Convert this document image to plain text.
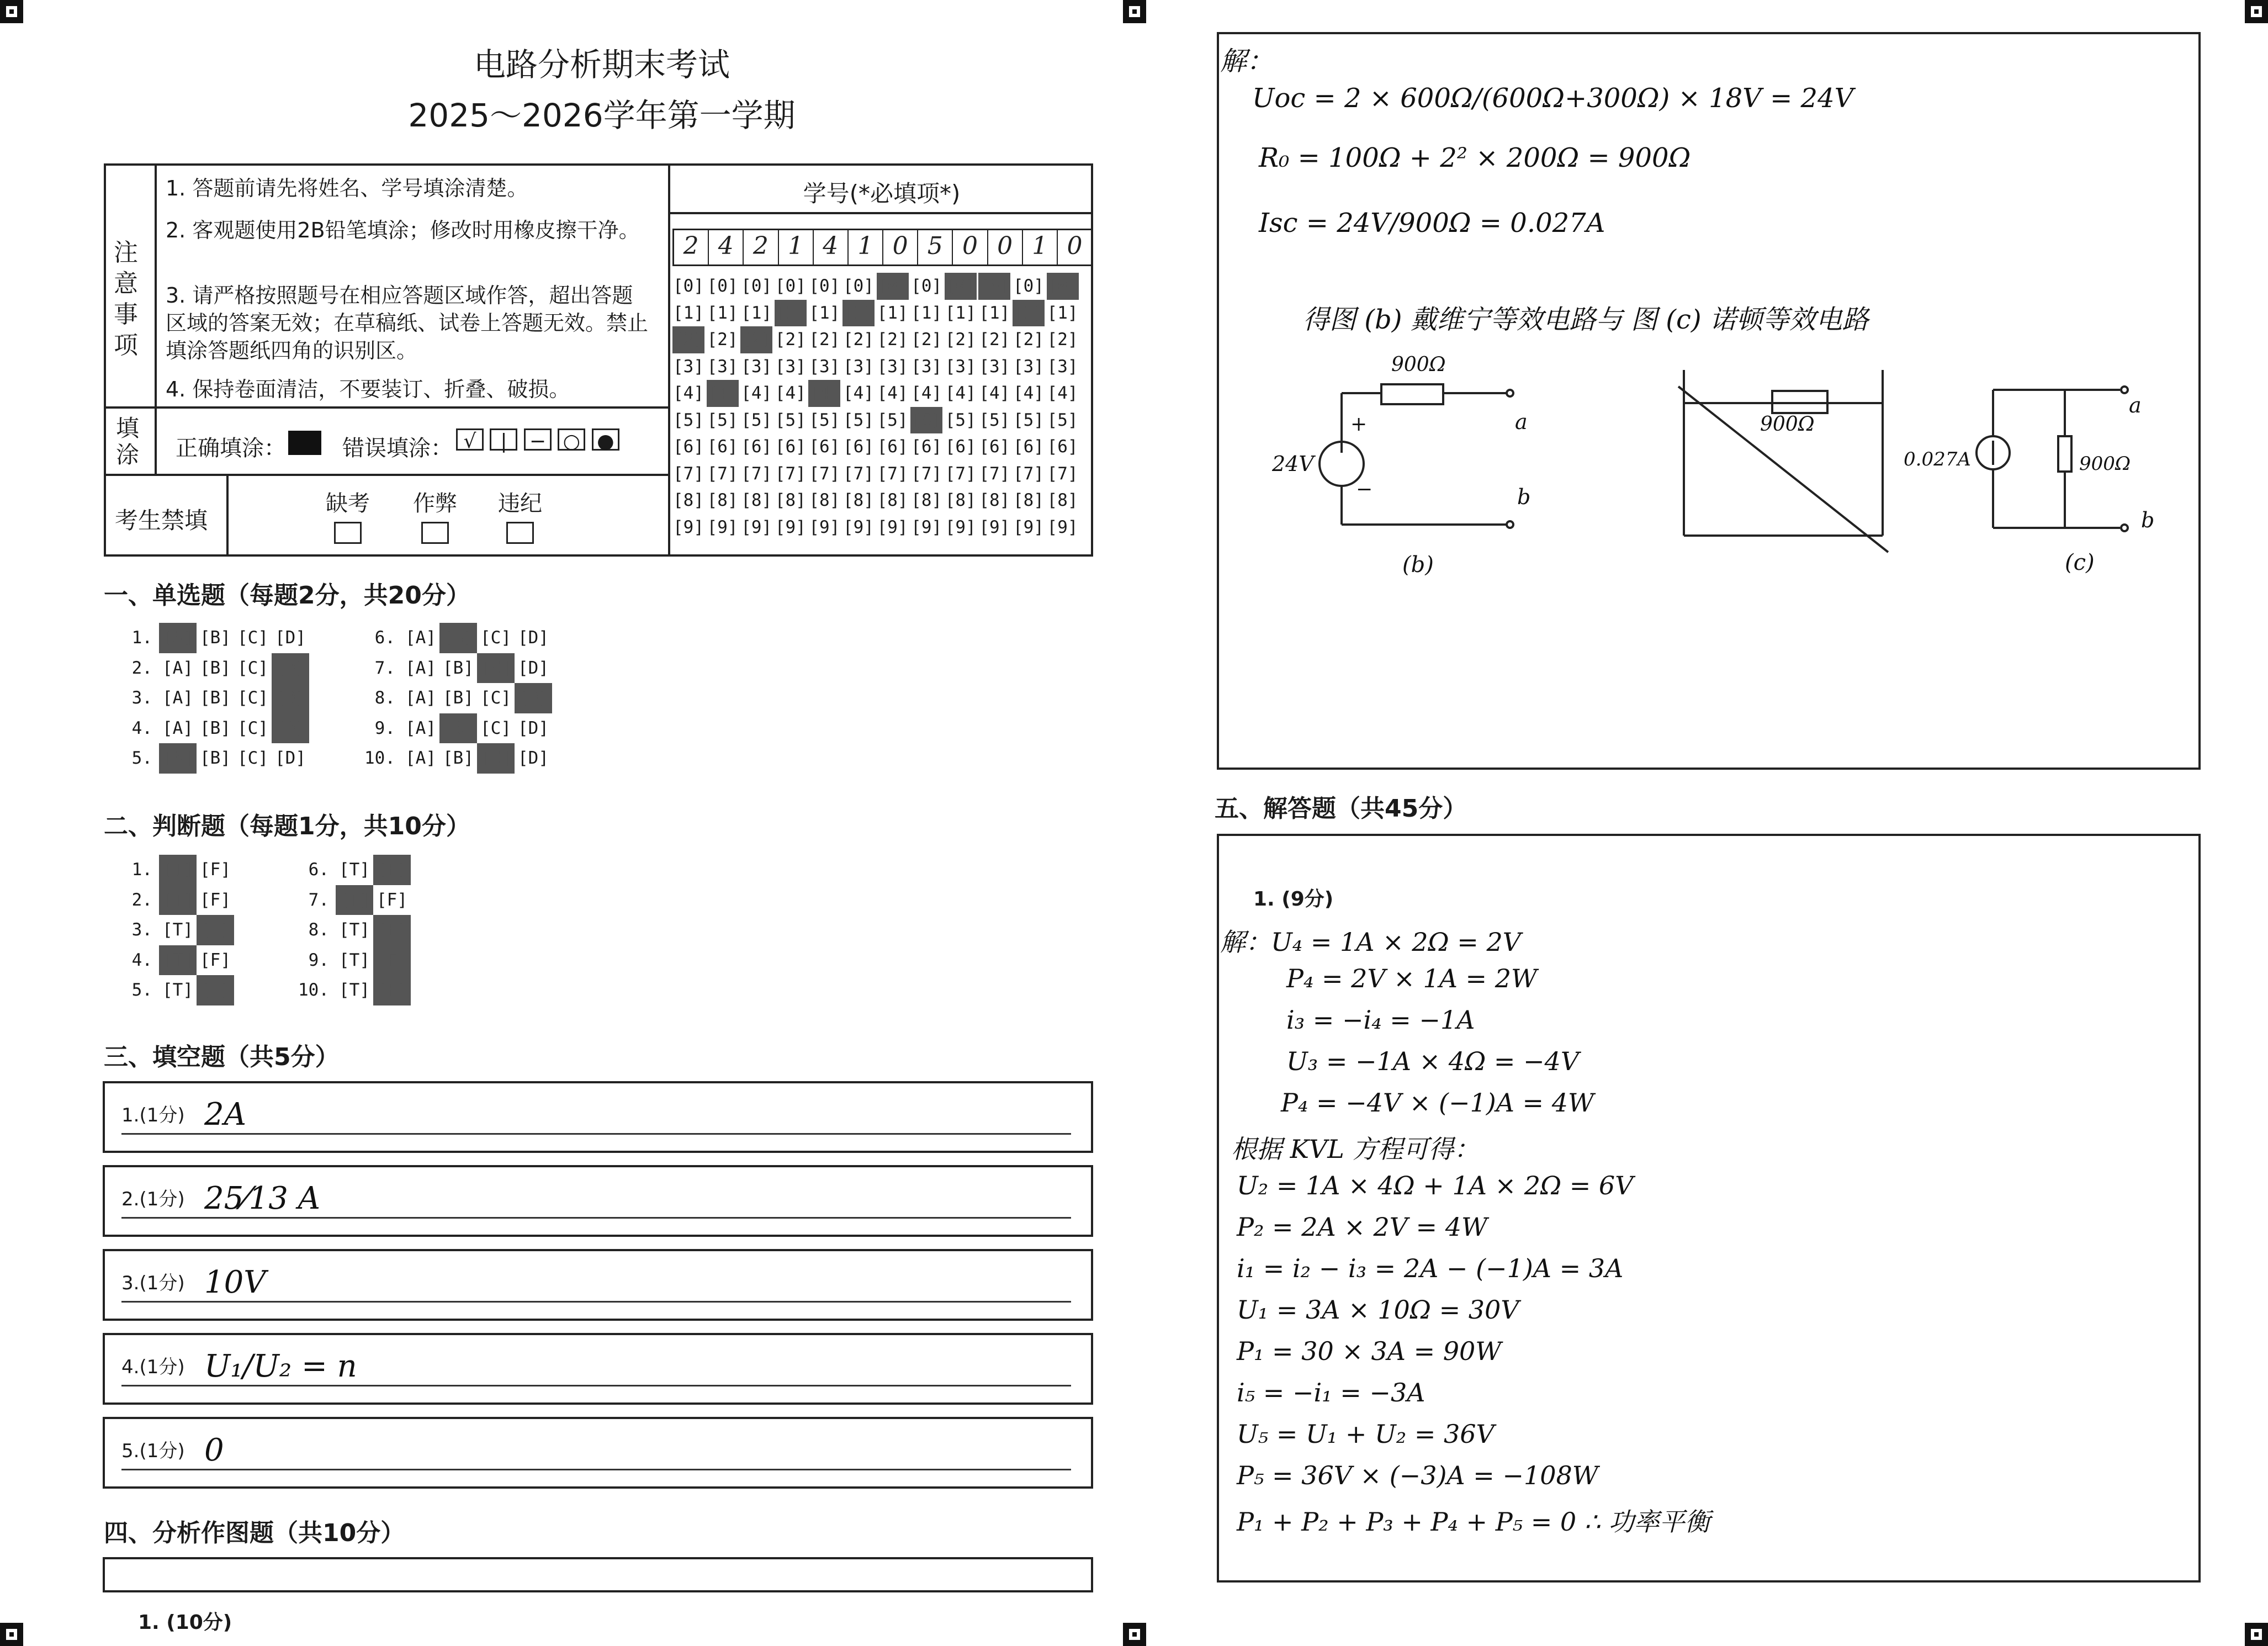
电路分析期末考试
2025～2026学年第一学期
注意事项
1. 答题前请先将姓名、学号填涂清楚。
2. 客观题使用2B铅笔填涂；修改时用橡皮擦干净。
3. 请严格按照题号在相应答题区域作答，超出答题区域的答案无效；在草稿纸、试卷上答题无效。禁止填涂答题纸四角的识别区。
4. 保持卷面清洁，不要装订、折叠、破损。
填涂 正确填涂：	错误填涂： √ | − ○ ●
考生禁填
缺考 作弊 违纪
学号(*必填项*)
2 4 2 1 4 1 0 5 0 0 1 0
[0] [0] [0] [0] [0] [0] [0] [0] [0] [0] [0] [0]
[1] [1] [1] [1] [1] [1] [1] [1] [1] [1] [1] [1]
[2] [2] [2] [2] [2] [2] [2] [2] [2] [2] [2] [2]
[3] [3] [3] [3] [3] [3] [3] [3] [3] [3] [3] [3]
[4] [4] [4] [4] [4] [4] [4] [4] [4] [4] [4] [4]
[5] [5] [5] [5] [5] [5] [5] [5] [5] [5] [5] [5]
[6] [6] [6] [6] [6] [6] [6] [6] [6] [6] [6] [6]
[7] [7] [7] [7] [7] [7] [7] [7] [7] [7] [7] [7]
[8] [8] [8] [8] [8] [8] [8] [8] [8] [8] [8] [8]
[9] [9] [9] [9] [9] [9] [9] [9] [9] [9] [9] [9]
一、单选题（每题2分，共20分）
1. [A] [B] [C] [D]	6. [A] [B] [C] [D]
2. [A] [B] [C] [D]	7. [A] [B] [C] [D]
3. [A] [B] [C] [D]	8. [A] [B] [C] [D]
4. [A] [B] [C] [D]	9. [A] [B] [C] [D]
5. [A] [B] [C] [D]	10. [A] [B] [C] [D]
二、判断题（每题1分，共10分）
1. [T] [F]	6. [T] [F]
2. [T] [F]	7. [T] [F]
3. [T] [F]	8. [T] [F]
4. [T] [F]	9. [T] [F]
5. [T] [F]	10. [T] [F]
三、填空题（共5分）
1.(1分) 2A
2.(1分) 25⁄13 A
3.(1分) 10V
4.(1分) U₁/U₂ = n
5.(1分) 0
四、分析作图题（共10分）
1. (10分)
解：
Uoc = 2 × 600Ω/(600Ω+300Ω) × 18V = 24V
R₀ = 100Ω + 2² × 200Ω = 900Ω
Isc = 24V/900Ω = 0.027A
得图 (b) 戴维宁等效电路与 图 (c) 诺顿等效电路
900Ω
24V
+
−
a
b
(b)
900Ω
0.027A	900Ω
a
b
(c)
五、解答题（共45分）
1. (9分)
解：U₄ = 1A × 2Ω = 2V
P₄ = 2V × 1A = 2W
i₃ = −i₄ = −1A
U₃ = −1A × 4Ω = −4V
P₄ = −4V × (−1)A = 4W
根据 KVL 方程可得：
U₂ = 1A × 4Ω + 1A × 2Ω = 6V
P₂ = 2A × 2V = 4W
i₁ = i₂ − i₃ = 2A − (−1)A = 3A
U₁ = 3A × 10Ω = 30V
P₁ = 30 × 3A = 90W
i₅ = −i₁ = −3A
U₅ = U₁ + U₂ = 36V
P₅ = 36V × (−3)A = −108W
P₁ + P₂ + P₃ + P₄ + P₅ = 0 ∴ 功率平衡
